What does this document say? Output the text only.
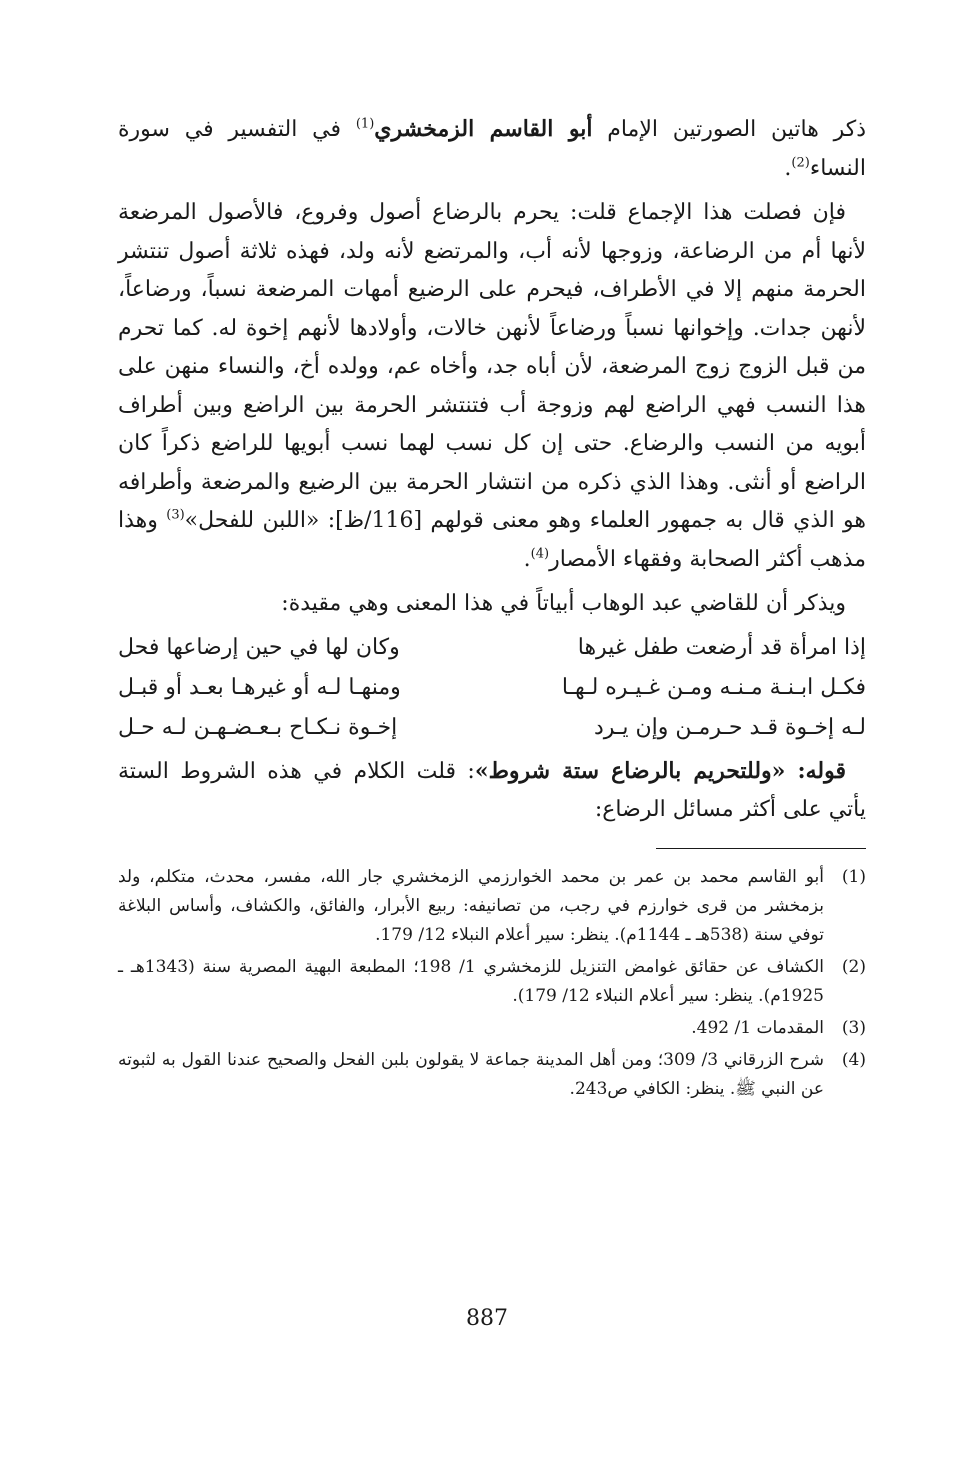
ذكر هاتين الصورتين الإمام أبو القاسم الزمخشري$^{(1)}$ في التفسير في سورة النساء$^{(2)}$.

فإن فصلت هذا الإجماع قلت: يحرم بالرضاع أصول وفروع، فالأصول المرضعة لأنها أم من الرضاعة، وزوجها لأنه أب، والمرتضع لأنه ولد، فهذه ثلاثة أصول تنتشر الحرمة منهم إلا في الأطراف، فيحرم على الرضيع أمهات المرضعة نسباً، ورضاعاً، لأنهن جدات. وإخوانها نسباً ورضاعاً لأنهن خالات، وأولادها لأنهم إخوة له. كما تحرم من قبل الزوج زوج المرضعة، لأن أباه جد، وأخاه عم، وولده أخ، والنساء منهن على هذا النسب فهي الراضع لهم وزوجة أب فتنتشر الحرمة بين الراضع وبين أطراف أبويه من النسب والرضاع. حتى إن كل نسب لهما نسب أبويها للراضع ذكراً كان الراضع أو أنثى. وهذا الذي ذكره من انتشار الحرمة بين الرضيع والمرضعة وأطرافه هو الذي قال به جمهور العلماء وهو معنى قولهم [116/ظ]: «اللبن للفحل»$^{(3)}$ وهذا مذهب أكثر الصحابة وفقهاء الأمصار$^{(4)}$.

ويذكر أن للقاضي عبد الوهاب أبياتاً في هذا المعنى وهي مقيدة:

إذا امرأة قد أرضعت طفل غيرها
وكان لها في حين إرضاعها فحل
فكـل ابـنـة مـنـه ومـن غـيـره لـهـا
ومنهـا لـه أو غيرهـا بعـد أو قبـل
لـه إخـوة قـد حـرمـن وإن يـرد
إخـوة نـكـاح بـعـضـهـن لـه حـل

قوله: «وللتحريم بالرضاع ستة شروط»: قلت الكلام في هذه الشروط الستة يأتي على أكثر مسائل الرضاع:

(1)
أبو القاسم محمد بن عمر بن محمد الخوارزمي الزمخشري جار الله، مفسر، محدث، متكلم، ولد بزمخشر من قرى خوارزم في رجب، من تصانيفه: ربيع الأبرار، والفائق، والكشاف، وأساس البلاغة توفي سنة (538هـ ـ 1144م). ينظر: سير أعلام النبلاء 12/ 179.
(2)
الكشاف عن حقائق غوامض التنزيل للزمخشري 1/ 198؛ المطبعة البهية المصرية سنة (1343هـ ـ 1925م). ينظر: سير أعلام النبلاء 12/ 179).
(3)
المقدمات 1/ 492.
(4)
شرح الزرقاني 3/ 309؛ ومن أهل المدينة جماعة لا يقولون بلبن الفحل والصحيح عندنا القول به لثبوته عن النبي ﷺ. ينظر: الكافي ص243.
887
